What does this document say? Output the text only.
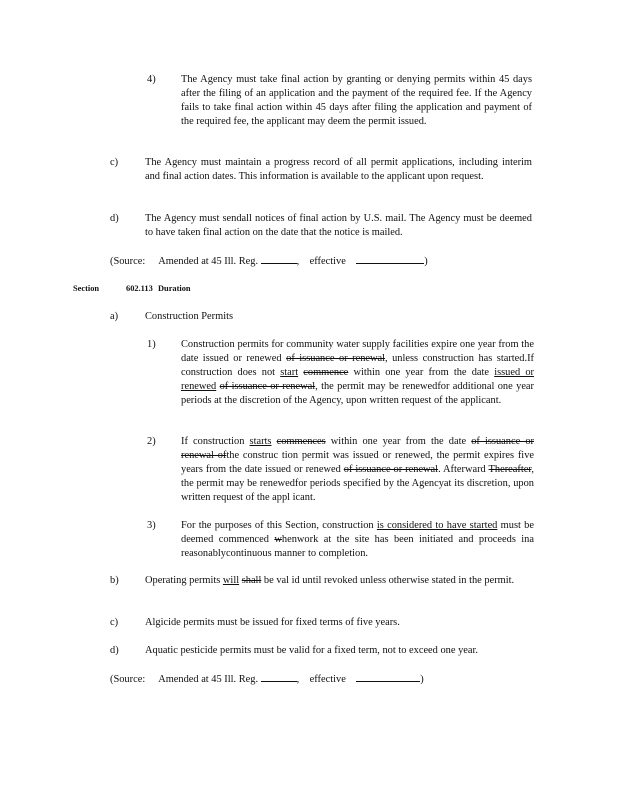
4) The Agency must take final action by granting or denying permits within 45 days after the filing of an application and the payment of the required fee. If the Agency fails to take final action within 45 days after filing the application and payment of the required fee, the applicant may deem the permit issued.
c)	The Agency must maintain a progress record of all permit applications, including interim and final action dates. This information is available to the applicant upon request.
d)	The Agency must sendall notices of final action by U.S. mail. The Agency must be deemed to have taken final action on the date that the notice is mailed.
(Source: Amended at 45 Ill. Reg.	, effective	)
Section	602.113 Duration
a)	Construction Permits
1) Construction permits for community water supply facilities expire one year from the date issued or renewed of issuance or renewal, unless construction has started.If construction does not start commence within one year from the date issued or renewed of issuance or renewal, the permit may be renewedfor additional one year periods at the discretion of the Agency, upon written request of the applicant.
2) If construction starts commences within one year from the date of issuance or renewal ofthe construc tion permit was issued or renewed, the permit expires five years from the date issued or renewed of issuance or renewal. Afterward Thereafter, the permit may be renewedfor periods specified by the Agencyat its discretion, upon written request of the appl icant.
3) For the purposes of this Section, construction is considered to have started must be deemed commenced whenwork at the site has been initiated and proceeds ina reasonablycontinuous manner to completion.
b)	Operating permits will shall be val id until revoked unless otherwise stated in the permit.
c)	Algicide permits must be issued for fixed terms of five years.
d)	Aquatic pesticide permits must be valid for a fixed term, not to exceed one year.
(Source: Amended at 45 Ill. Reg.	, effective	)
